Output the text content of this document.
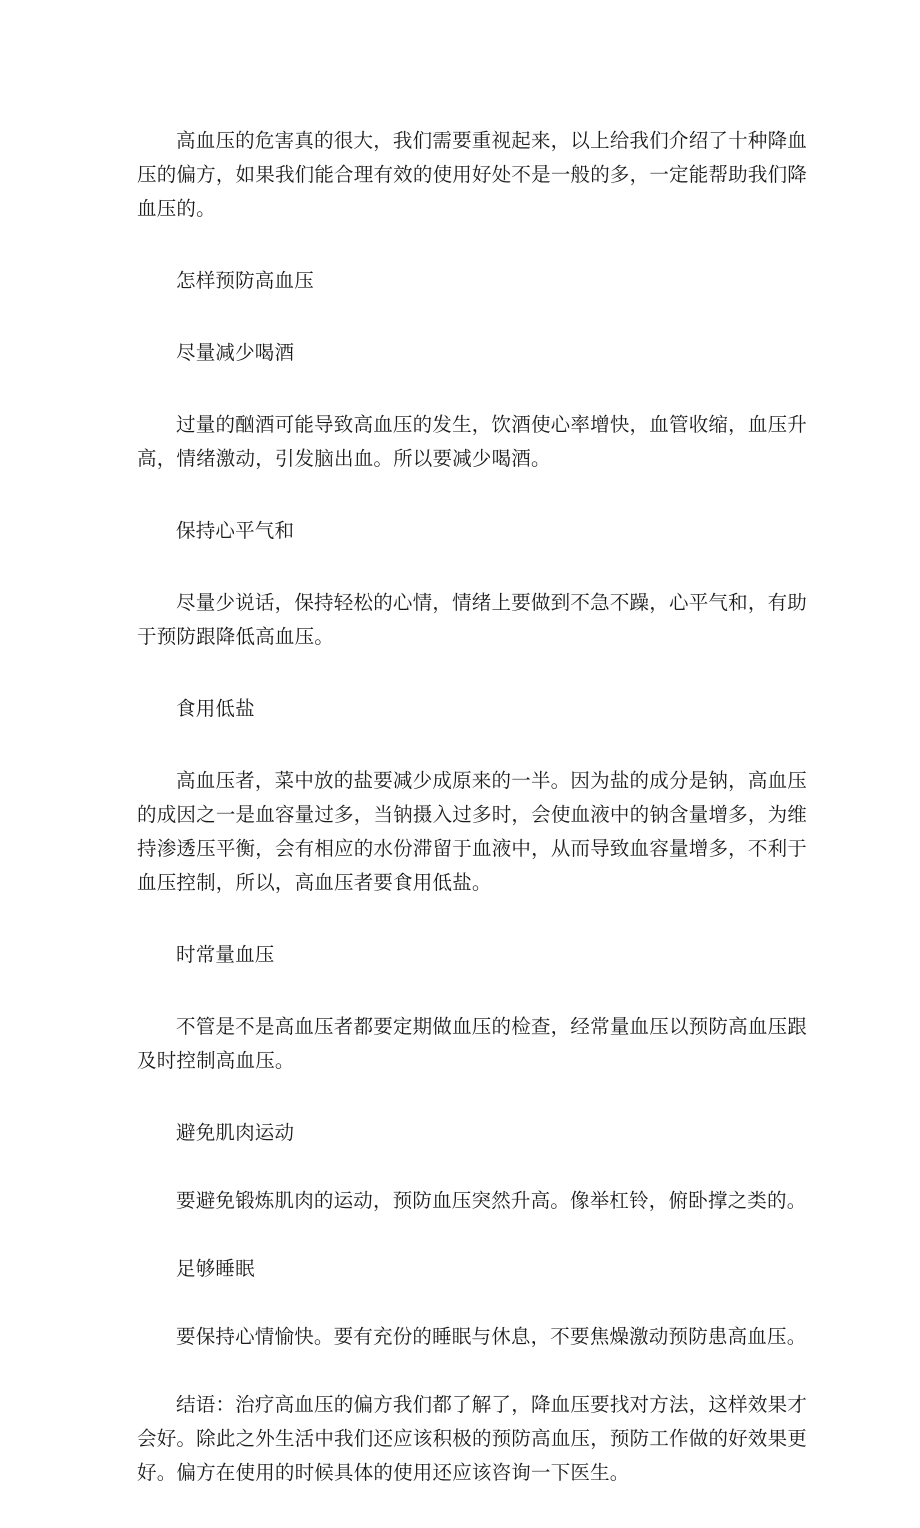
高血压的危害真的很大，我们需要重视起来，以上给我们介绍了十种降血压的偏方，如果我们能合理有效的使用好处不是一般的多，一定能帮助我们降血压的。

怎样预防高血压

尽量减少喝酒

过量的酗酒可能导致高血压的发生，饮酒使心率增快，血管收缩，血压升高，情绪激动，引发脑出血。所以要减少喝酒。

保持心平气和

尽量少说话，保持轻松的心情，情绪上要做到不急不躁，心平气和，有助于预防跟降低高血压。

食用低盐

高血压者，菜中放的盐要减少成原来的一半。因为盐的成分是钠，高血压的成因之一是血容量过多，当钠摄入过多时，会使血液中的钠含量增多，为维持渗透压平衡，会有相应的水份滞留于血液中，从而导致血容量增多，不利于血压控制，所以，高血压者要食用低盐。

时常量血压

不管是不是高血压者都要定期做血压的检查，经常量血压以预防高血压跟及时控制高血压。

避免肌肉运动

要避免锻炼肌肉的运动，预防血压突然升高。像举杠铃，俯卧撑之类的。

足够睡眠

要保持心情愉快。要有充份的睡眠与休息，不要焦燥激动预防患高血压。

结语：治疗高血压的偏方我们都了解了，降血压要找对方法，这样效果才会好。除此之外生活中我们还应该积极的预防高血压，预防工作做的好效果更好。偏方在使用的时候具体的使用还应该咨询一下医生。
